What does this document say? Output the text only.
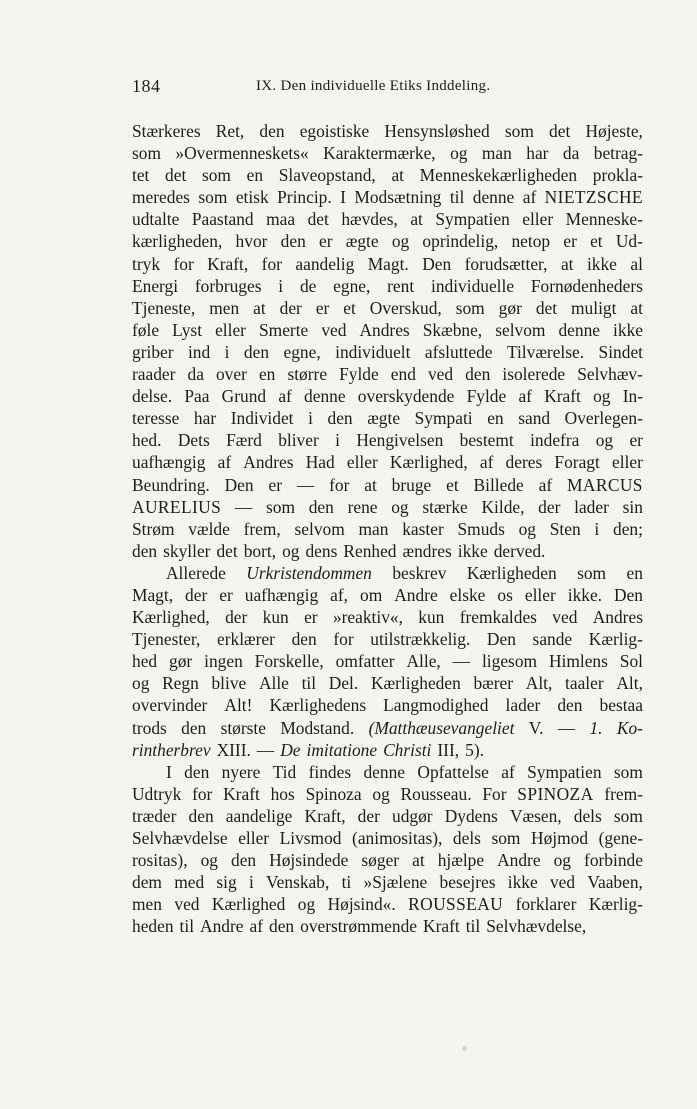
184	IX. Den individuelle Etiks Inddeling.
Stærkeres Ret, den egoistiske Hensynsløshed som det Højeste,
som »Overmenneskets« Karaktermærke, og man har da betrag-
tet det som en Slaveopstand, at Menneskekærligheden prokla-
meredes som etisk Princip. I Modsætning til denne af NIETZSCHE
udtalte Paastand maa det hævdes, at Sympatien eller Menneske-
kærligheden, hvor den er ægte og oprindelig, netop er et Ud-
tryk for Kraft, for aandelig Magt. Den forudsætter, at ikke al
Energi forbruges i de egne, rent individuelle Fornødenheders
Tjeneste, men at der er et Overskud, som gør det muligt at
føle Lyst eller Smerte ved Andres Skæbne, selvom denne ikke
griber ind i den egne, individuelt afsluttede Tilværelse. Sindet
raader da over en større Fylde end ved den isolerede Selvhæv-
delse. Paa Grund af denne overskydende Fylde af Kraft og In-
teresse har Individet i den ægte Sympati en sand Overlegen-
hed. Dets Færd bliver i Hengivelsen bestemt indefra og er
uafhængig af Andres Had eller Kærlighed, af deres Foragt eller
Beundring. Den er — for at bruge et Billede af MARCUS
AURELIUS — som den rene og stærke Kilde, der lader sin
Strøm vælde frem, selvom man kaster Smuds og Sten i den;
den skyller det bort, og dens Renhed ændres ikke derved.
Allerede Urkristendommen beskrev Kærligheden som en
Magt, der er uafhængig af, om Andre elske os eller ikke. Den
Kærlighed, der kun er »reaktiv«, kun fremkaldes ved Andres
Tjenester, erklærer den for utilstrækkelig. Den sande Kærlig-
hed gør ingen Forskelle, omfatter Alle, — ligesom Himlens Sol
og Regn blive Alle til Del. Kærligheden bærer Alt, taaler Alt,
overvinder Alt! Kærlighedens Langmodighed lader den bestaa
trods den største Modstand. (Matthæusevangeliet V. — 1. Ko-
rintherbrev XIII. — De imitatione Christi III, 5).
I den nyere Tid findes denne Opfattelse af Sympatien som
Udtryk for Kraft hos Spinoza og Rousseau. For SPINOZA frem-
træder den aandelige Kraft, der udgør Dydens Væsen, dels som
Selvhævdelse eller Livsmod (animositas), dels som Højmod (gene-
rositas), og den Højsindede søger at hjælpe Andre og forbinde
dem med sig i Venskab, ti »Sjælene besejres ikke ved Vaaben,
men ved Kærlighed og Højsind«. ROUSSEAU forklarer Kærlig-
heden til Andre af den overstrømmende Kraft til Selvhævdelse,
